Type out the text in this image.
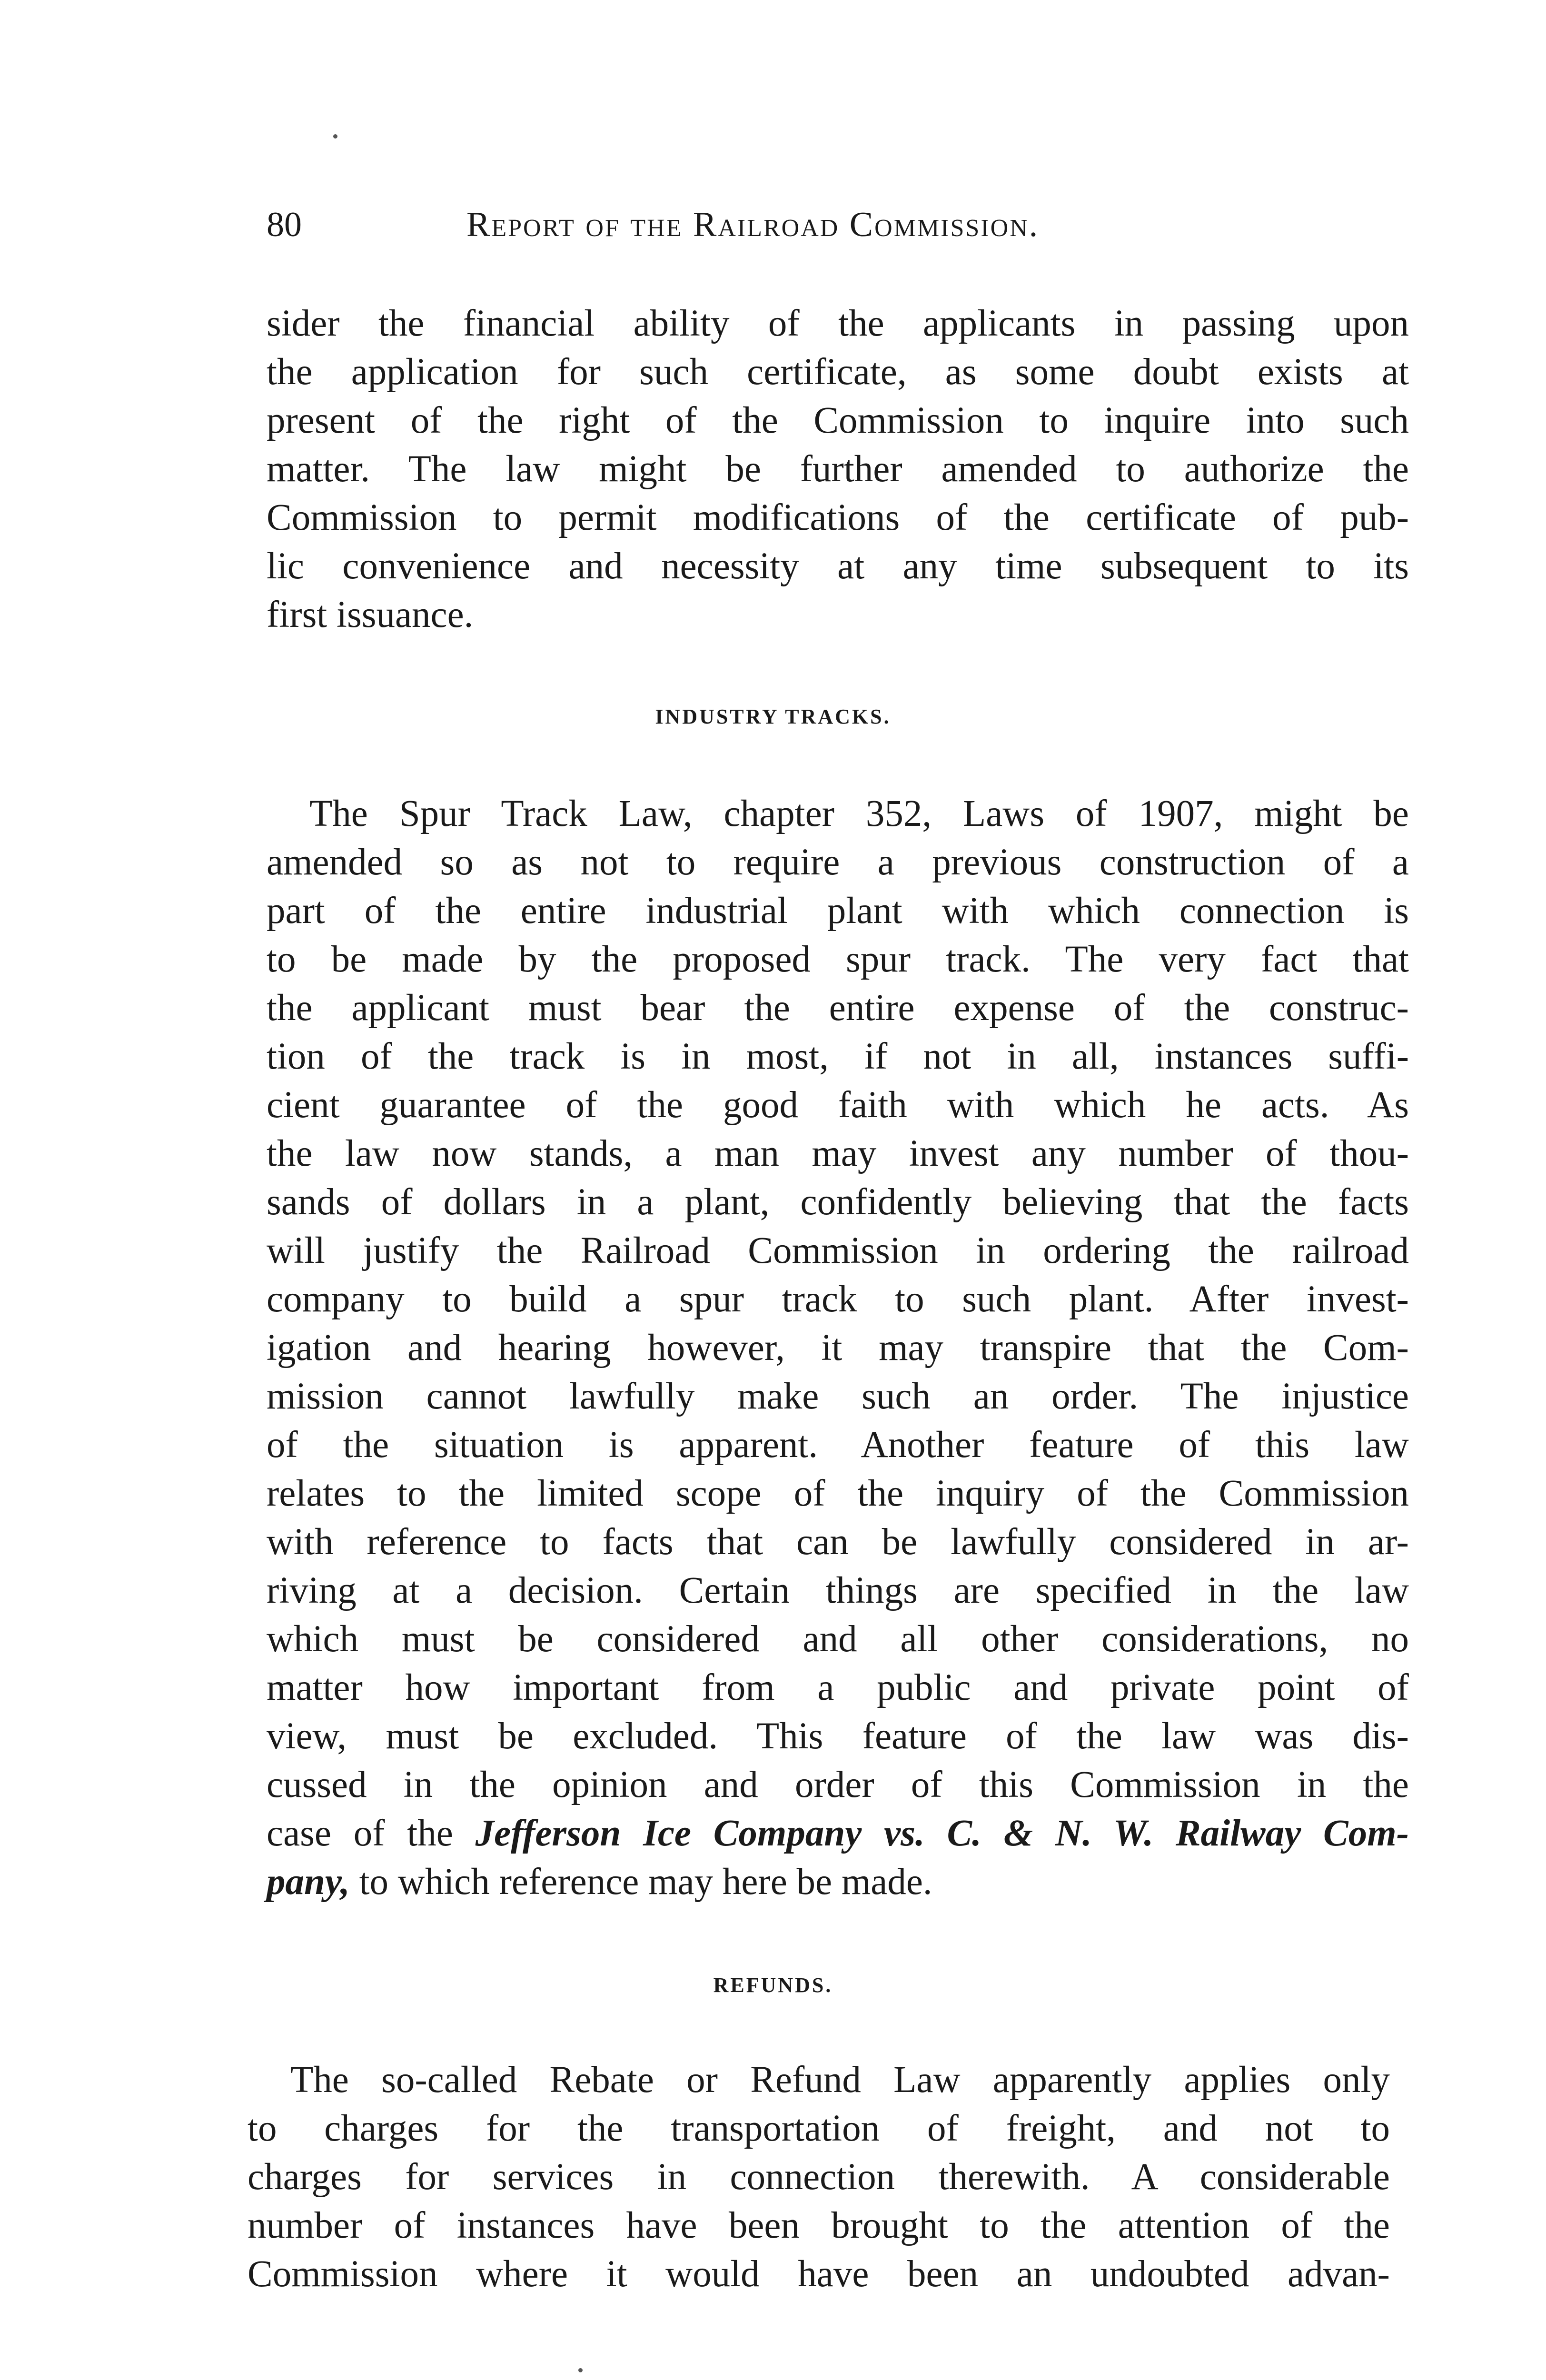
80	Report of the Railroad Commission.
sider the financial ability of the applicants in passing upon
the application for such certificate, as some doubt exists at
present of the right of the Commission to inquire into such
matter. The law might be further amended to authorize the
Commission to permit modifications of the certificate of pub-
lic convenience and necessity at any time subsequent to its
first issuance.
INDUSTRY TRACKS.
The Spur Track Law, chapter 352, Laws of 1907, might be
amended so as not to require a previous construction of a
part of the entire industrial plant with which connection is
to be made by the proposed spur track. The very fact that
the applicant must bear the entire expense of the construc-
tion of the track is in most, if not in all, instances suffi-
cient guarantee of the good faith with which he acts. As
the law now stands, a man may invest any number of thou-
sands of dollars in a plant, confidently believing that the facts
will justify the Railroad Commission in ordering the railroad
company to build a spur track to such plant. After invest-
igation and hearing however, it may transpire that the Com-
mission cannot lawfully make such an order. The injustice
of the situation is apparent. Another feature of this law
relates to the limited scope of the inquiry of the Commission
with reference to facts that can be lawfully considered in ar-
riving at a decision. Certain things are specified in the law
which must be considered and all other considerations, no
matter how important from a public and private point of
view, must be excluded. This feature of the law was dis-
cussed in the opinion and order of this Commission in the
case of the Jefferson Ice Company vs. C. & N. W. Railway Com-
pany, to which reference may here be made.
REFUNDS.
The so-called Rebate or Refund Law apparently applies only
to charges for the transportation of freight, and not to
charges for services in connection therewith. A considerable
number of instances have been brought to the attention of the
Commission where it would have been an undoubted advan-
